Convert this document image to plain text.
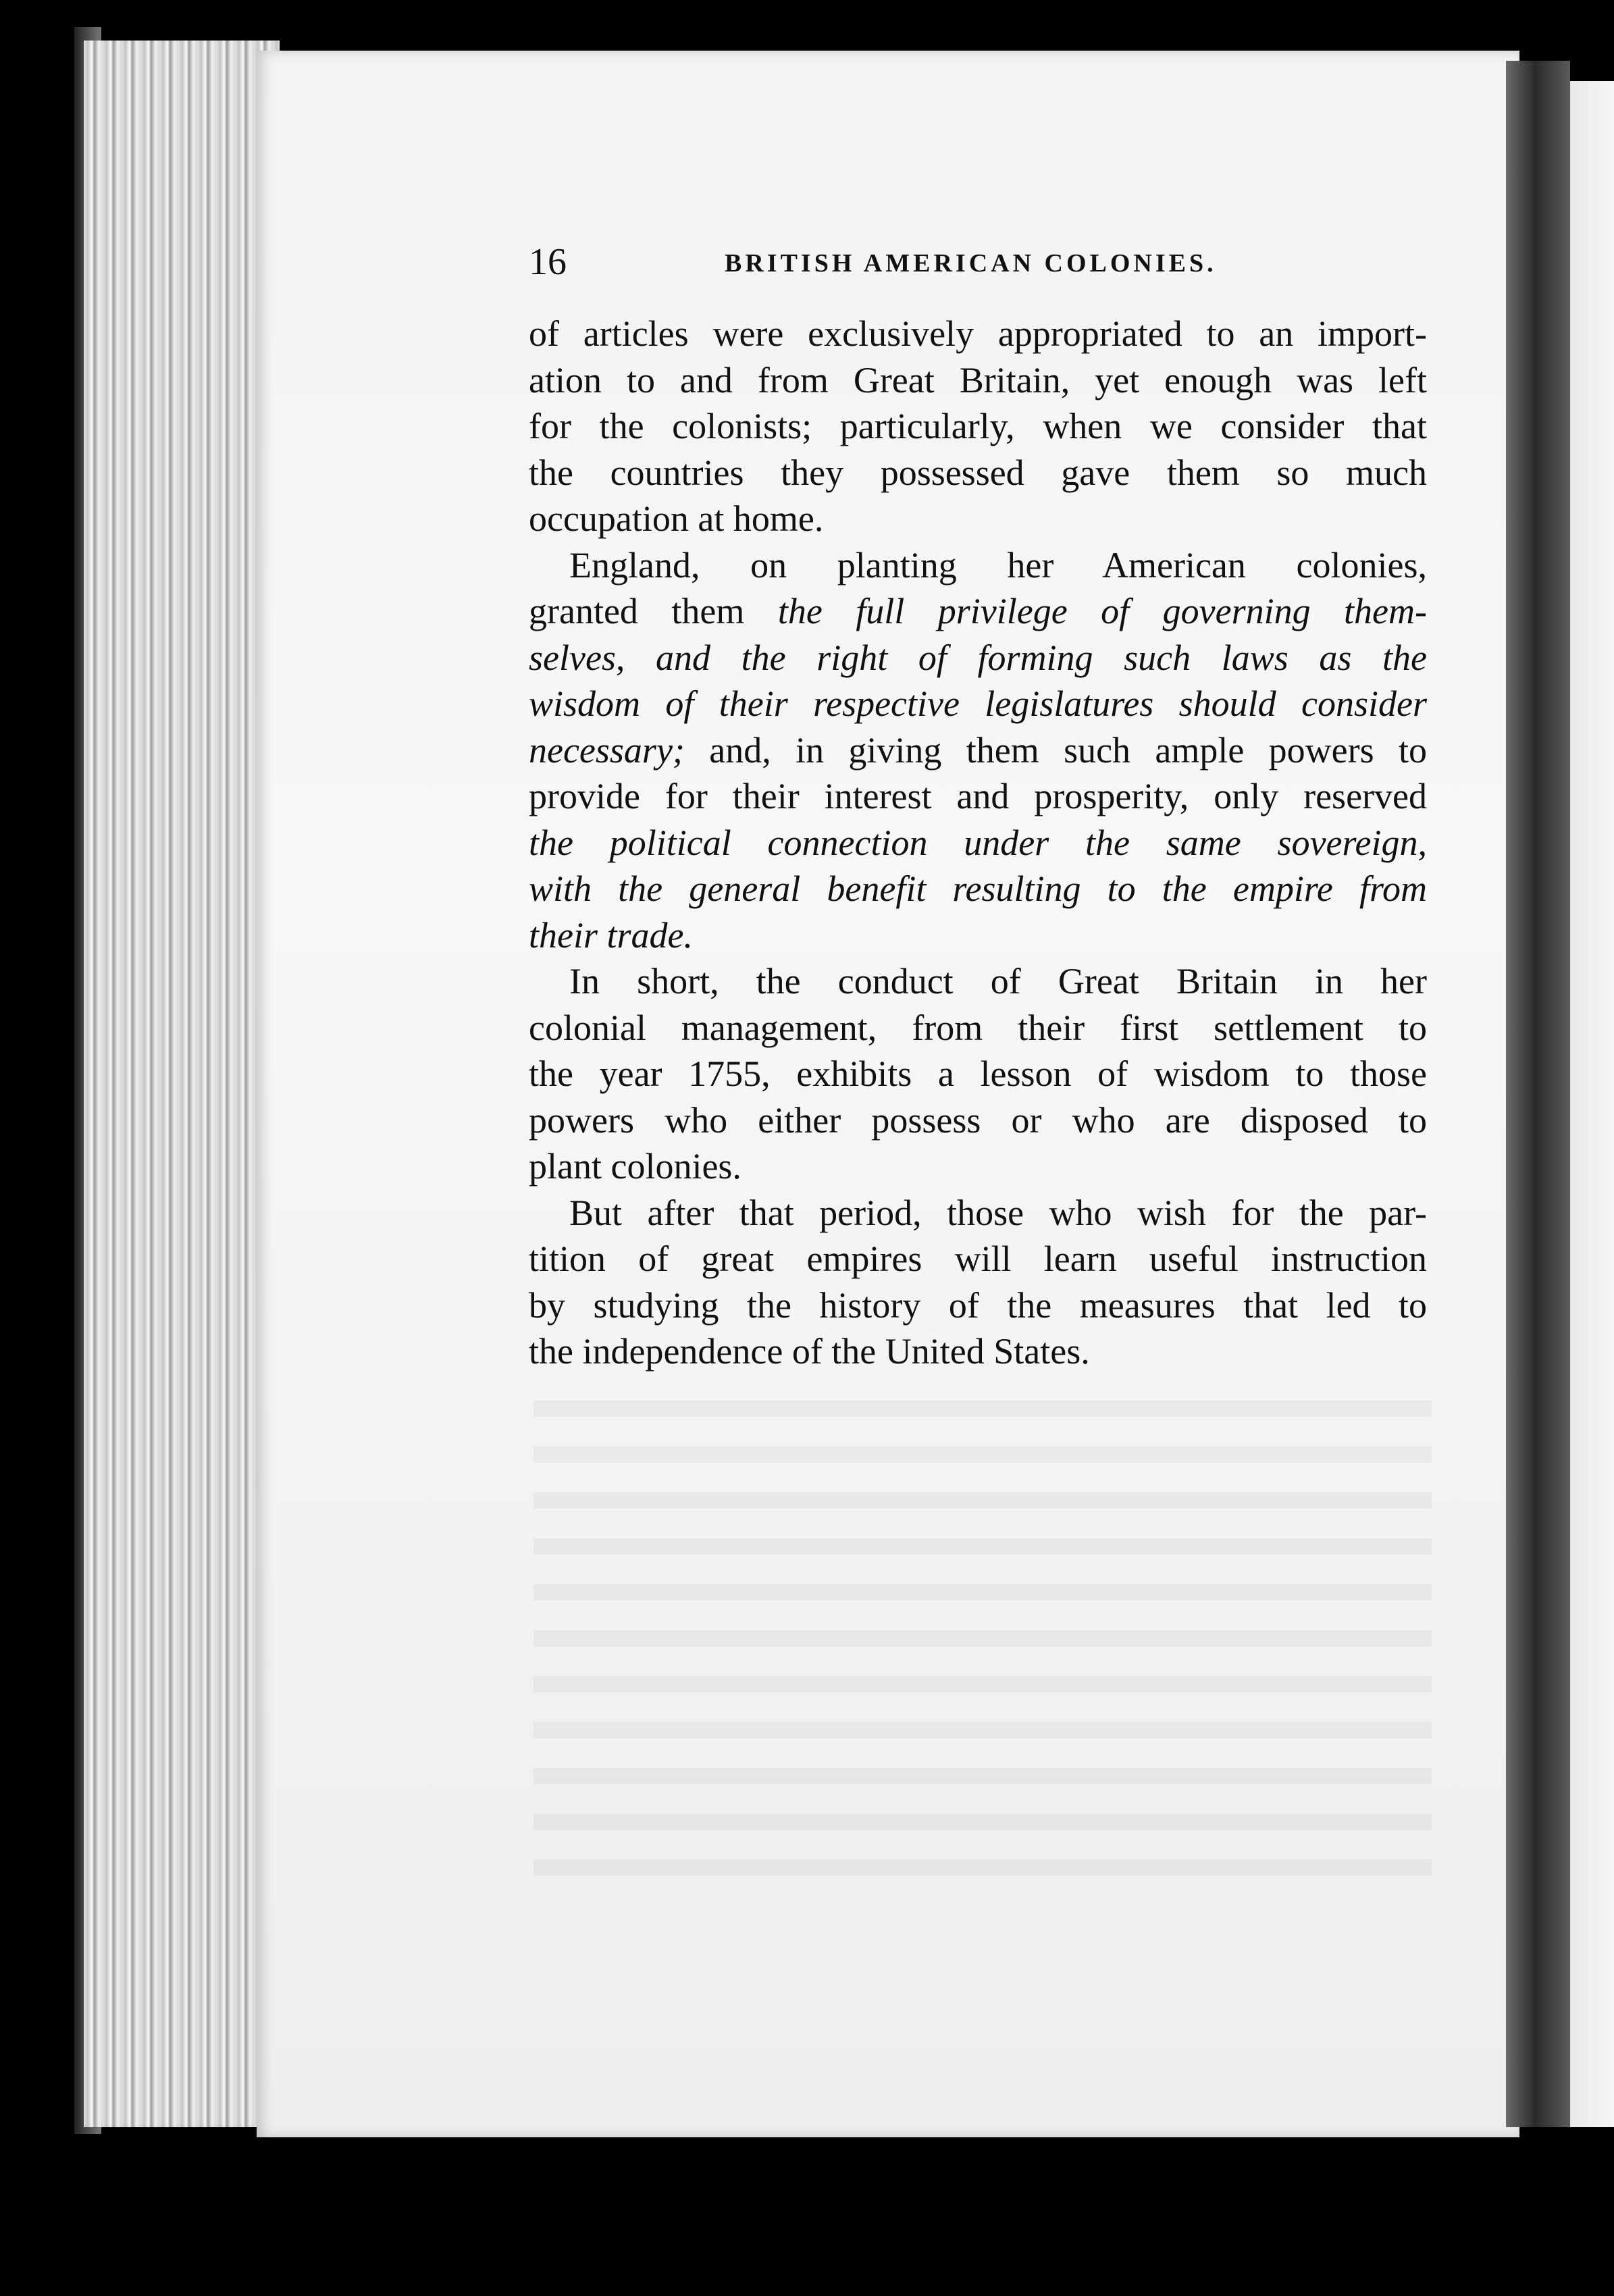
16	BRITISH AMERICAN COLONIES.
of articles were exclusively appropriated to an import-
ation to and from Great Britain, yet enough was left
for the colonists; particularly, when we consider that
the countries they possessed gave them so much
occupation at home.
England, on planting her American colonies,
granted them the full privilege of governing them-
selves, and the right of forming such laws as the
wisdom of their respective legislatures should consider
necessary; and, in giving them such ample powers to
provide for their interest and prosperity, only reserved
the political connection under the same sovereign,
with the general benefit resulting to the empire from
their trade.
In short, the conduct of Great Britain in her
colonial management, from their first settlement to
the year 1755, exhibits a lesson of wisdom to those
powers who either possess or who are disposed to
plant colonies.
But after that period, those who wish for the par-
tition of great empires will learn useful instruction
by studying the history of the measures that led to
the independence of the United States.
